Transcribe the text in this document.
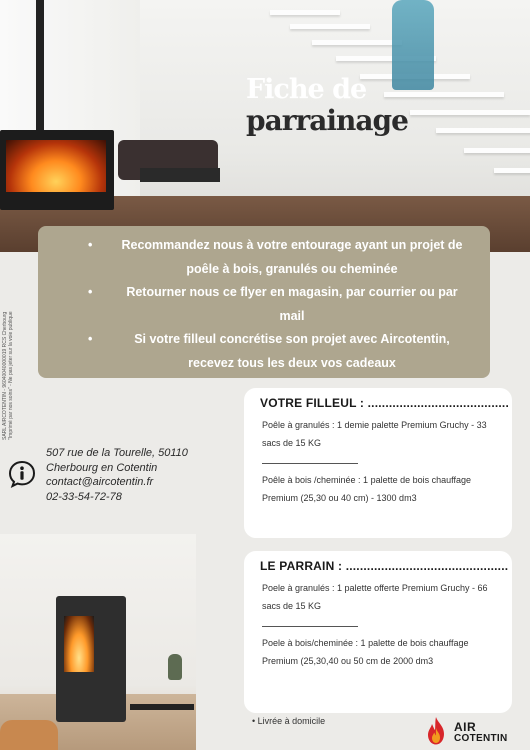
Fiche de
parrainage
• Recommandez nous à votre entourage ayant un projet de poêle à bois, granulés ou cheminée
•	Retourner nous ce flyer en magasin, par courrier ou par mail
•	Si votre filleul concrétise son projet avec Aircotentin, recevez tous les deux vos cadeaux
SARL AIRCOTENTIN - 96040040000019 RCS Cherbourg "Imprimé par nos soins" - Ne pas jeter sur la voie publique
507 rue de la Tourelle, 50110
Cherbourg en Cotentin
contact@aircotentin.fr
02-33-54-72-78
VOTRE FILLEUL : ........................................

Poêle à granulés : 1 demie palette Premium Gruchy - 33 sacs de 15 KG

Poêle à bois /cheminée : 1 palette de bois chauffage Premium (25,30 ou 40 cm) - 1300 dm3

LE PARRAIN : ..............................................

Poele à granulés : 1 palette offerte Premium Gruchy - 66 sacs de 15 KG

Poele à bois/cheminée : 1 palette de bois chauffage Premium (25,30,40 ou 50 cm de 2000 dm3

• Livrée à domicile	AIR
COTENTIN
